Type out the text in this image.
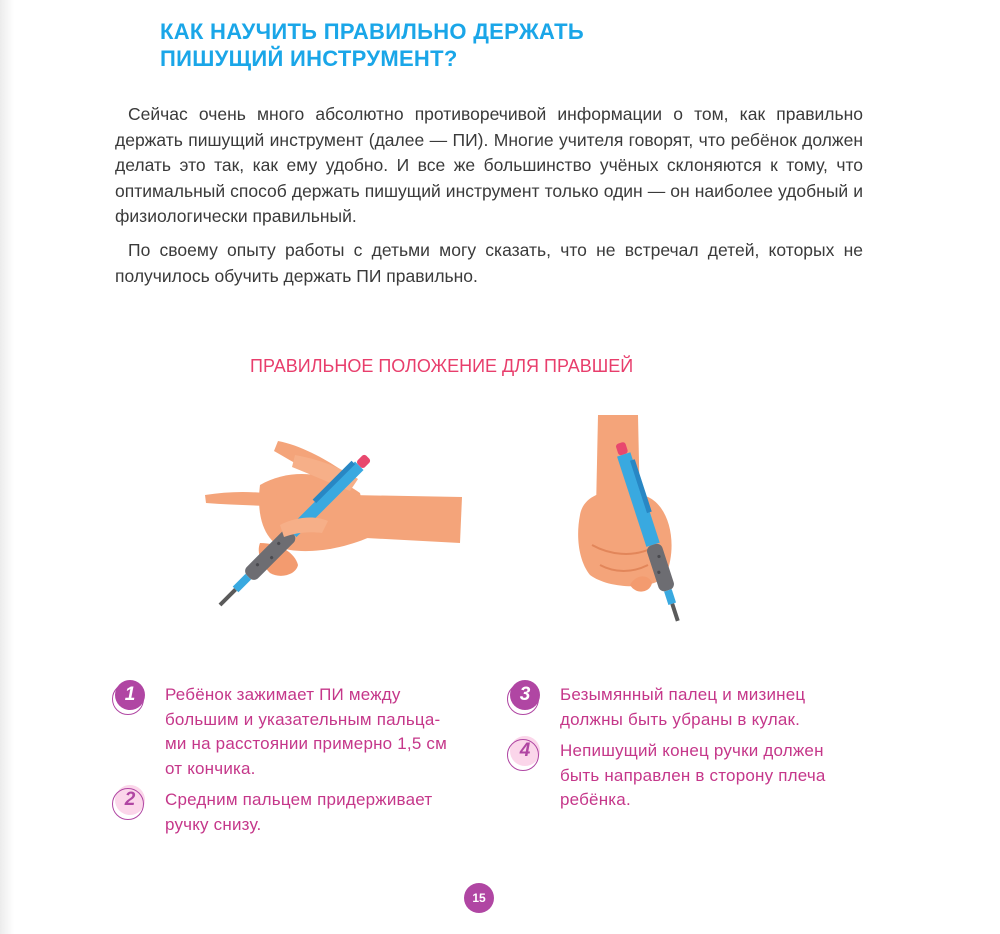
КАК НАУЧИТЬ ПРАВИЛЬНО ДЕРЖАТЬ
ПИШУЩИЙ ИНСТРУМЕНТ?

Сейчас очень много абсолютно противоречивой информации о том, как правильно держать пишущий инструмент (далее — ПИ). Многие учителя говорят, что ребёнок должен делать это так, как ему удобно. И все же большинство учёных склоняются к тому, что оптимальный способ держать пишущий инструмент только один — он наиболее удобный и физиологически правильный.

По своему опыту работы с детьми могу сказать, что не встречал детей, которых не получилось обучить держать ПИ правильно.

ПРАВИЛЬНОЕ ПОЛОЖЕНИЕ ДЛЯ ПРАВШЕЙ
1	Ребёнок зажимает ПИ между
большим и указательным пальца-
ми на расстоянии примерно 1,5 см
от кончика.
2	Средним пальцем придерживает
ручку снизу.
3	Безымянный палец и мизинец
должны быть убраны в кулак.
4	Непишущий конец ручки должен
быть направлен в сторону плеча
ребёнка.
15
